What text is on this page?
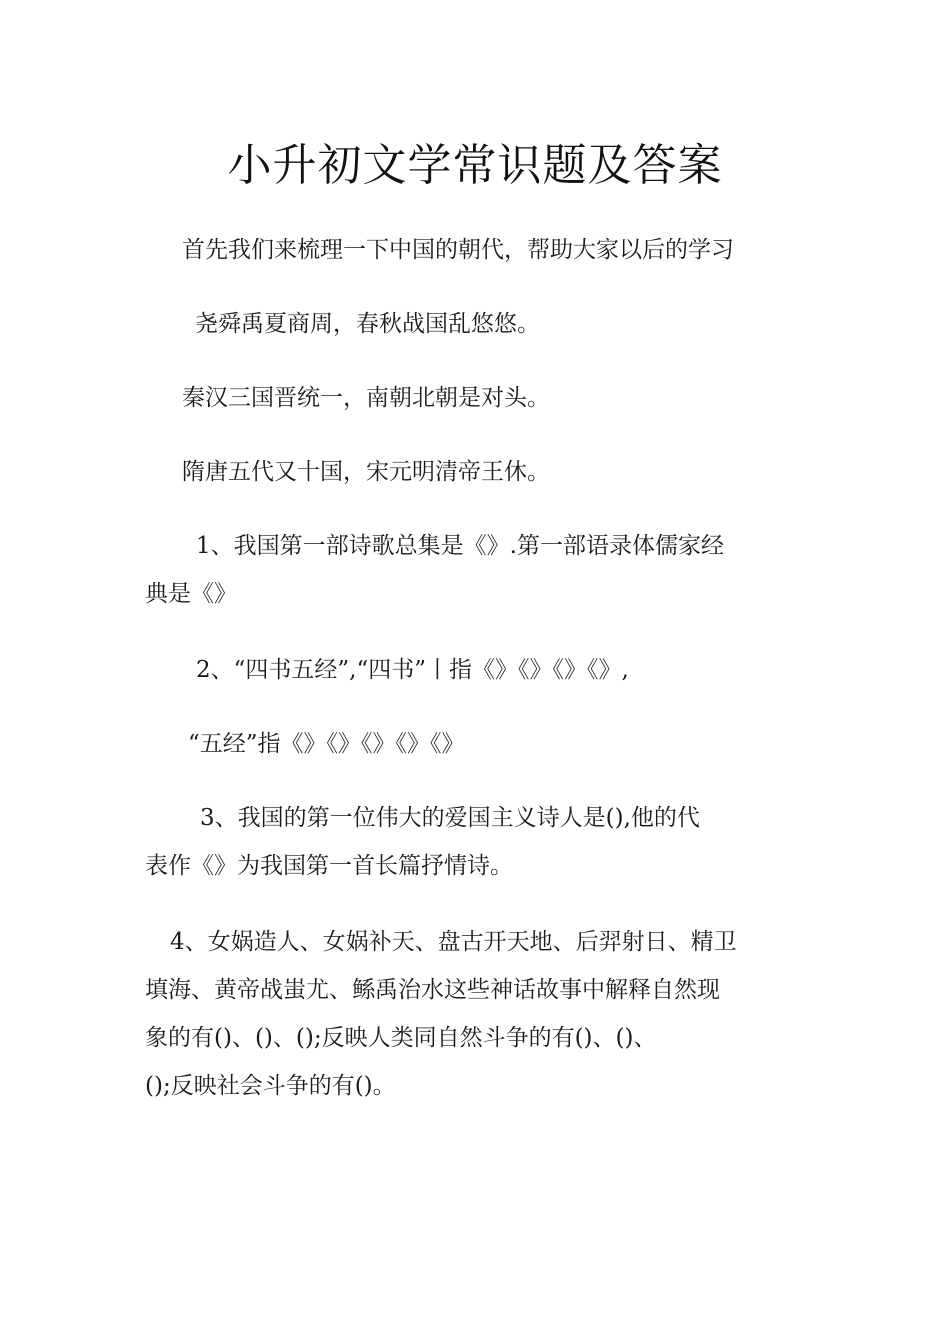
小升初文学常识题及答案
首先我们来梳理一下中国的朝代，帮助大家以后的学习
尧舜禹夏商周，春秋战国乱悠悠。
秦汉三国晋统一，南朝北朝是对头。
隋唐五代又十国，宋元明清帝王休。
1、我国第一部诗歌总集是《》.第一部语录体儒家经
典是《》
2、“四书五经”,“四书”丨指《》《》《》《》,
“五经”指《》《》《》《》《》
3、我国的第一位伟大的爱国主义诗人是(),他的代
表作《》为我国第一首长篇抒情诗。
4、女娲造人、女娲补天、盘古开天地、后羿射日、精卫
填海、黄帝战蚩尤、鲧禹治水这些神话故事中解释自然现
象的有()、()、();反映人类同自然斗争的有()、()、
();反映社会斗争的有()。
